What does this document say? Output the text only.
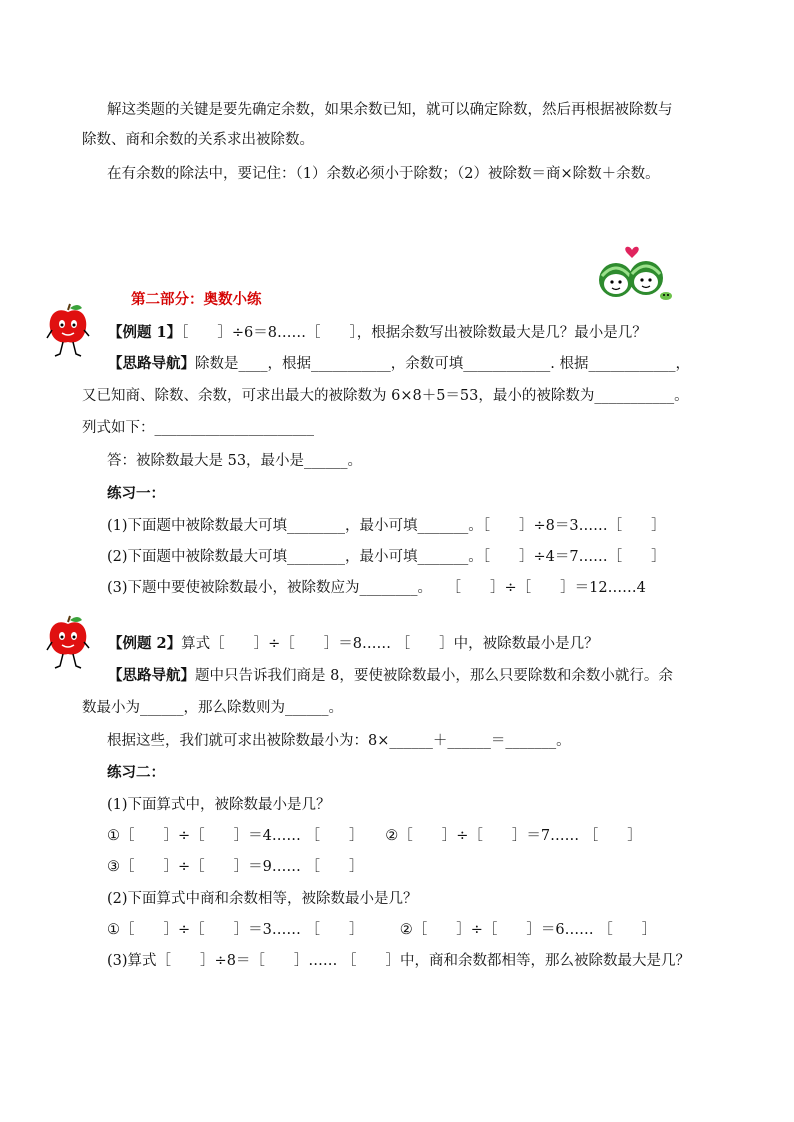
解这类题的关键是要先确定余数，如果余数已知，就可以确定除数，然后再根据被除数与
除数、商和余数的关系求出被除数。
在有余数的除法中，要记住：（1）余数必须小于除数；（2）被除数＝商×除数＋余数。
第二部分：奥数小练
【例题 1】［　　］÷6＝8……［　　］，根据余数写出被除数最大是几？最小是几？
【思路导航】除数是____，根据___________，余数可填____________. 根据____________，
又已知商、除数、余数，可求出最大的被除数为 6×8＋5＝53，最小的被除数为___________。
列式如下：______________________
答：被除数最大是 53，最小是______。
练习一：
(1)下面题中被除数最大可填________，最小可填_______。［　　］÷8＝3……［　　］
(2)下面题中被除数最大可填________，最小可填_______。［　　］÷4＝7……［　　］
(3)下题中要使被除数最小，被除数应为________。　　［　　］÷［　　］＝12……4
【例题 2】算式［　　］÷［　　］＝8…… ［　　］中，被除数最小是几？
【思路导航】题中只告诉我们商是 8，要使被除数最小，那么只要除数和余数小就行。余
数最小为______，那么除数则为______。
根据这些，我们就可求出被除数最小为：8×______＋______＝_______。
练习二：
(1)下面算式中，被除数最小是几？
①［　　］÷［　　］＝4…… ［　　］　　②［　　］÷［　　］＝7…… ［　　］
③［　　］÷［　　］＝9…… ［　　］
(2)下面算式中商和余数相等，被除数最小是几？
①［　　］÷［　　］＝3…… ［　　］　　　②［　　］÷［　　］＝6…… ［　　］
(3)算式［　　］÷8＝［　　］…… ［　　］中，商和余数都相等，那么被除数最大是几？
